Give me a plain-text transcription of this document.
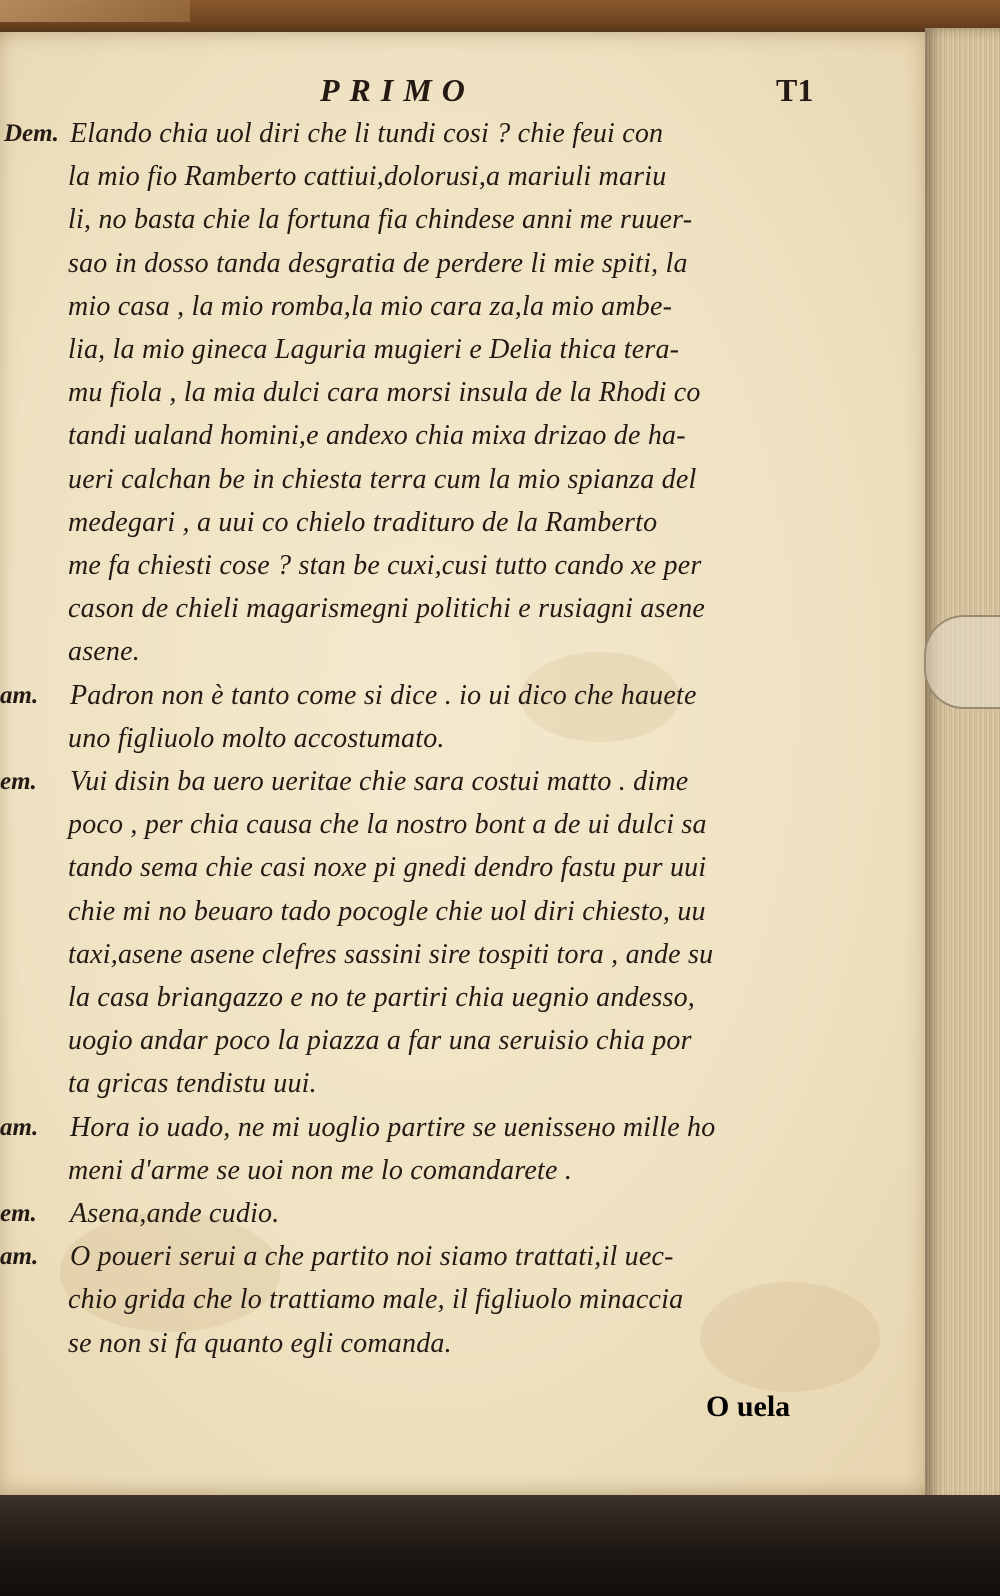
PRIMO	T1
Dem. Elando chia uol diri che li tundi cosi ? chie feui con
la mio fio Ramberto cattiui,dolorusi,a mariuli mariu
li, no basta chie la fortuna fia chindese anni me ruuer-
sao in dosso tanda desgratia de perdere li mie spiti, la
mio casa , la mio romba,la mio cara za,la mio ambe-
lia, la mio gineca Laguria mugieri e Delia thica tera-
mu fiola , la mia dulci cara morsi insula de la Rhodi co
tandi ualand homini,e andexo chia mixa drizao de ha-
ueri calchan be in chiesta terra cum la mio spianza del
medegari , a uui co chielo tradituro de la Ramberto
me fa chiesti cose ? stan be cuxi,cusi tutto cando xe per
cason de chieli magarismegni politichi e rusiagni asene
asene.
am.	Padron non è tanto come si dice . io ui dico che hauete
uno figliuolo molto accostumato.
em.	Vui disin ba uero ueritae chie sara costui matto . dime
poco , per chia causa che la nostro bont a de ui dulci sa
tando sema chie casi noxe pi gnedi dendro fastu pur uui
chie mi no beuaro tado pocogle chie uol diri chiesto, uu
taxi,asene asene clefres sassini sire tospiti tora , ande su
la casa briangazzo e no te partiri chia uegnio andesso,
uogio andar poco la piazza a far una seruisio chia por
ta gricas tendistu uui.
am.	Hora io uado, ne mi uoglio partire se uenissено mille ho
meni d'arme se uoi non me lo comandarete .
em.	Asena,ande cudio.
am.	O poueri serui a che partito noi siamo trattati,il uec-
chio grida che lo trattiamo male, il figliuolo minaccia
se non si fa quanto egli comanda.
O uela
